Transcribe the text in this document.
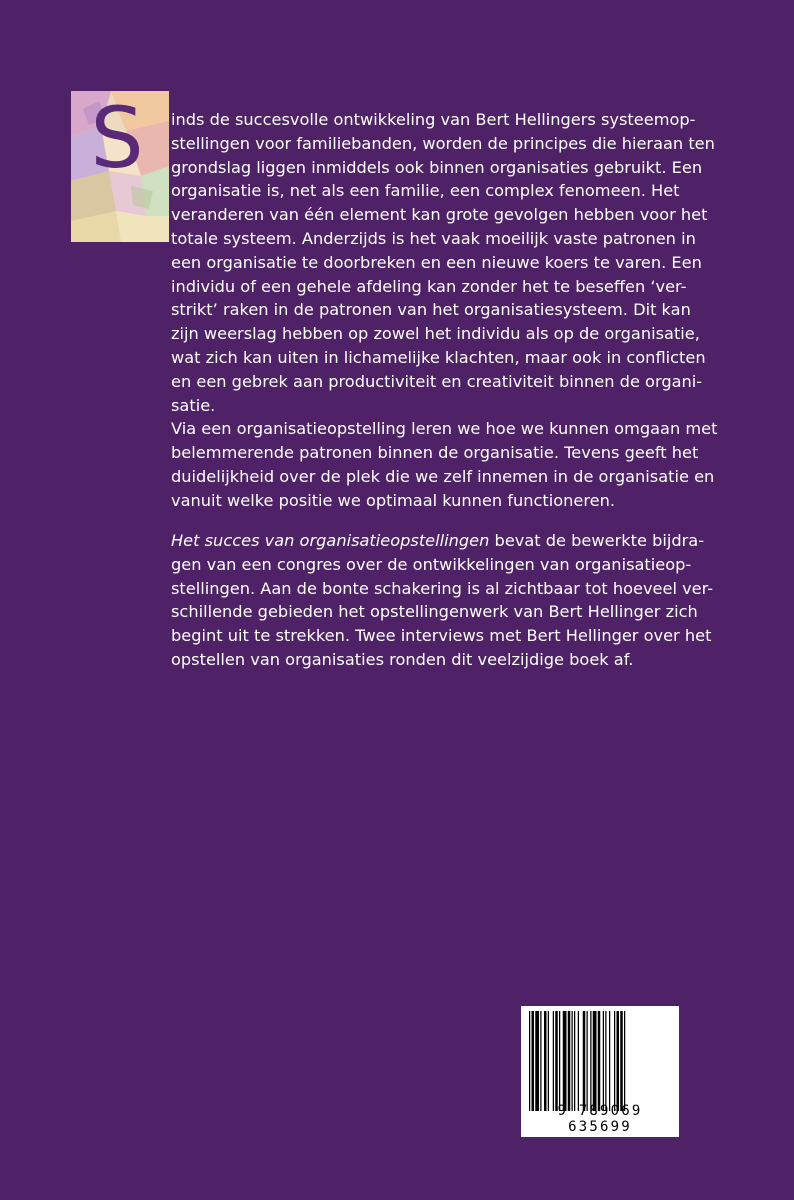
S	inds de succesvolle ontwikkeling van Bert Hellingers systeemop-
stellingen voor familiebanden, worden de principes die hieraan ten
grondslag liggen inmiddels ook binnen organisaties gebruikt. Een
organisatie is, net als een familie, een complex fenomeen. Het
veranderen van één element kan grote gevolgen hebben voor het
totale systeem. Anderzijds is het vaak moeilijk vaste patronen in
een organisatie te doorbreken en een nieuwe koers te varen. Een
individu of een gehele afdeling kan zonder het te beseffen ‘ver-
strikt’ raken in de patronen van het organisatiesysteem. Dit kan
zijn weerslag hebben op zowel het individu als op de organisatie,
wat zich kan uiten in lichamelijke klachten, maar ook in conflicten
en een gebrek aan productiviteit en creativiteit binnen de organi-
satie.
Via een organisatieopstelling leren we hoe we kunnen omgaan met
belemmerende patronen binnen de organisatie. Tevens geeft het
duidelijkheid over de plek die we zelf innemen in de organisatie en
vanuit welke positie we optimaal kunnen functioneren.

Het succes van organisatieopstellingen bevat de bewerkte bijdra-
gen van een congres over de ontwikkelingen van organisatieop-
stellingen. Aan de bonte schakering is al zichtbaar tot hoeveel ver-
schillende gebieden het opstellingenwerk van Bert Hellinger zich
begint uit te strekken. Twee interviews met Bert Hellinger over het
opstellen van organisaties ronden dit veelzijdige boek af.

9 789069 635699
